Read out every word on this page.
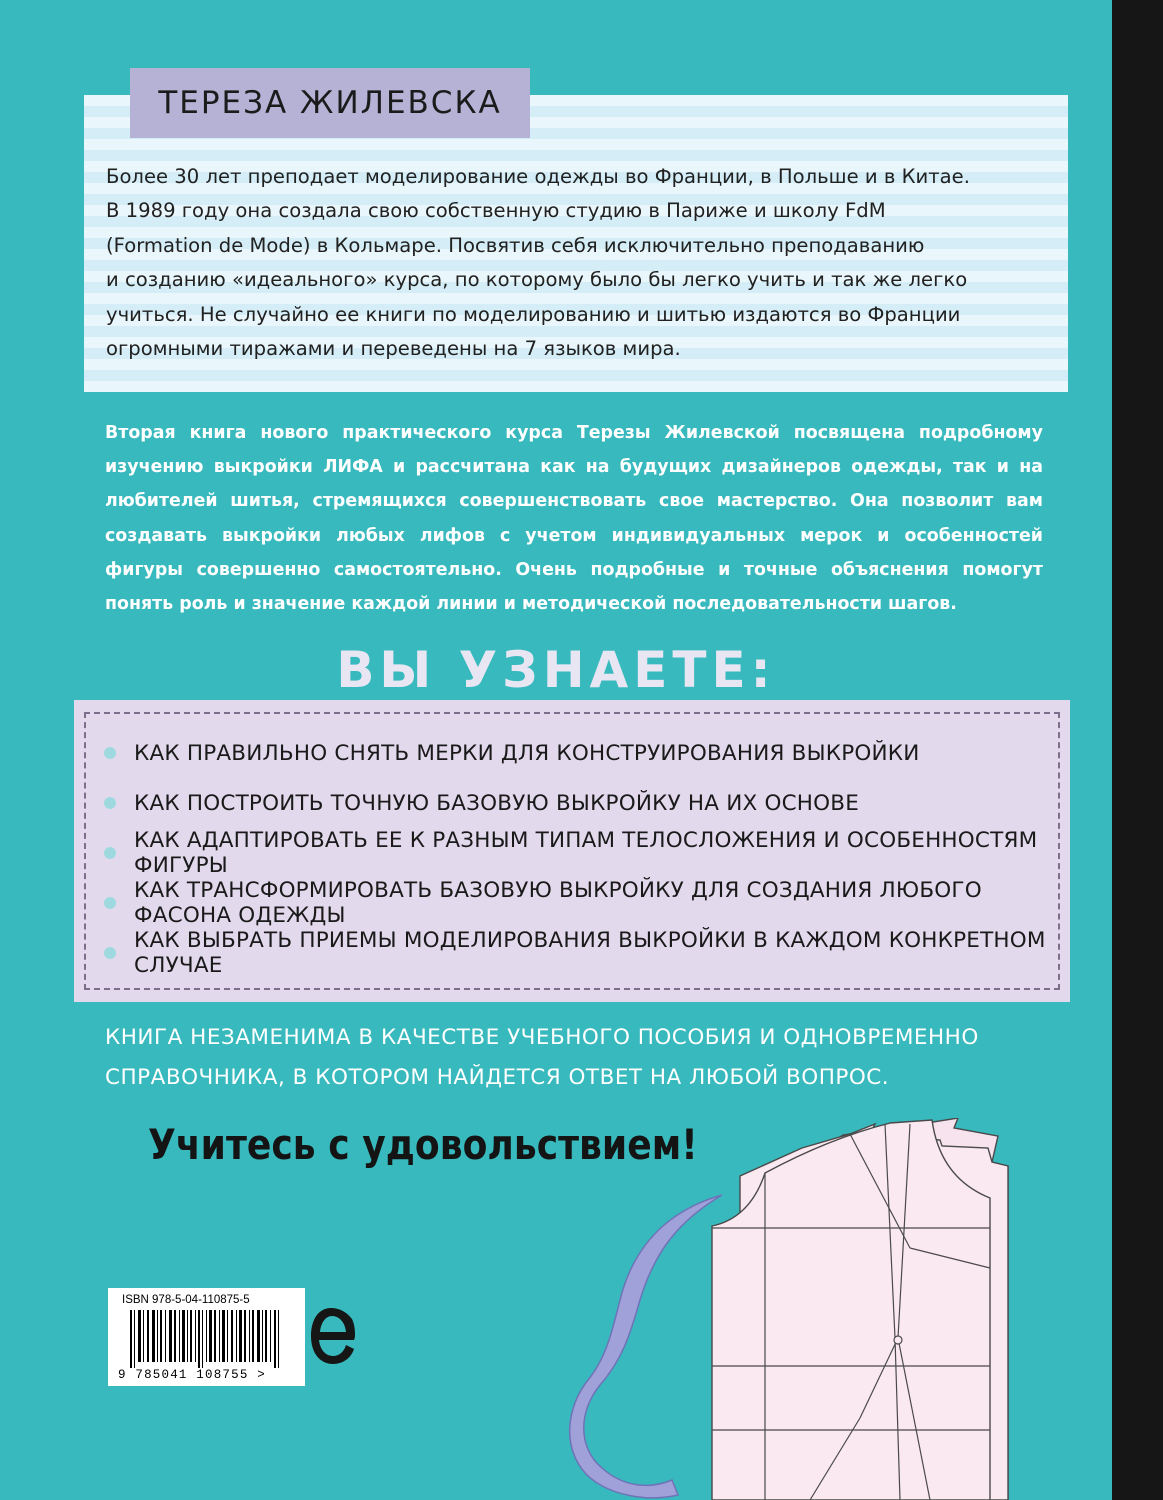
ТЕРЕЗА ЖИЛЕВСКА

Более 30 лет преподает моделирование одежды во Франции, в Польше и в Китае.
В 1989 году она создала свою собственную студию в Париже и школу FdM
(Formation de Mode) в Кольмаре. Посвятив себя исключительно преподаванию
и созданию «идеального» курса, по которому было бы легко учить и так же легко
учиться. Не случайно ее книги по моделированию и шитью издаются во Франции
огромными тиражами и переведены на 7 языков мира.

Вторая книга нового практического курса Терезы Жилевской посвящена подробному
изучению выкройки ЛИФА и рассчитана как на будущих дизайнеров одежды, так и на
любителей шитья, стремящихся совершенствовать свое мастерство. Она позволит вам
создавать выкройки любых лифов с учетом индивидуальных мерок и особенностей
фигуры совершенно самостоятельно. Очень подробные и точные объяснения помогут
понять роль и значение каждой линии и методической последовательности шагов.

ВЫ УЗНАЕТЕ:
КАК ПРАВИЛЬНО СНЯТЬ МЕРКИ ДЛЯ КОНСТРУИРОВАНИЯ ВЫКРОЙКИ
КАК ПОСТРОИТЬ ТОЧНУЮ БАЗОВУЮ ВЫКРОЙКУ НА ИХ ОСНОВЕ
КАК АДАПТИРОВАТЬ ЕЕ К РАЗНЫМ ТИПАМ ТЕЛОСЛОЖЕНИЯ И ОСОБЕННОСТЯМ ФИГУРЫ
КАК ТРАНСФОРМИРОВАТЬ БАЗОВУЮ ВЫКРОЙКУ ДЛЯ СОЗДАНИЯ ЛЮБОГО ФАСОНА ОДЕЖДЫ
КАК ВЫБРАТЬ ПРИЕМЫ МОДЕЛИРОВАНИЯ ВЫКРОЙКИ В КАЖДОМ КОНКРЕТНОМ СЛУЧАЕ

КНИГА НЕЗАМЕНИМА В КАЧЕСТВЕ УЧЕБНОГО ПОСОБИЯ И ОДНОВРЕМЕННО
СПРАВОЧНИКА, В КОТОРОМ НАЙДЕТСЯ ОТВЕТ НА ЛЮБОЙ ВОПРОС.

Учитесь с удовольствием!

ISBN 978-5-04-110875-5
9 785041 108755 >
